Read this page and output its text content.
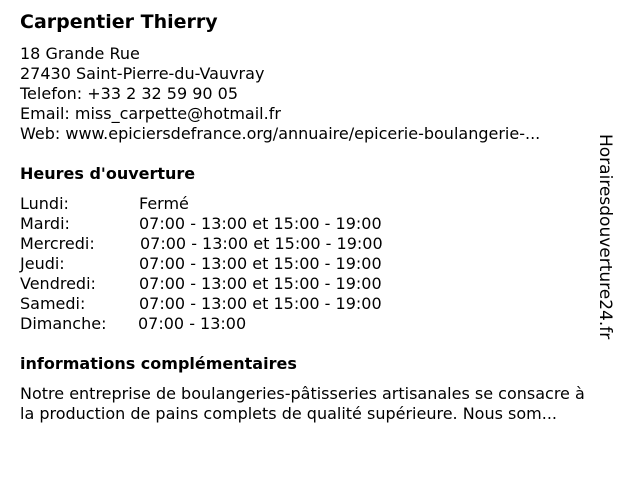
Carpentier Thierry
18 Grande Rue
27430 Saint-Pierre-du-Vauvray
Telefon: +33 2 32 59 90 05
Email: miss_carpette@hotmail.fr
Web: www.epiciersdefrance.org/annuaire/epicerie-boulangerie-...
Heures d'ouverture
Lundi:	Fermé
Mardi:	07:00 - 13:00 et 15:00 - 19:00
Mercredi:	07:00 - 13:00 et 15:00 - 19:00
Jeudi:	07:00 - 13:00 et 15:00 - 19:00
Vendredi:	07:00 - 13:00 et 15:00 - 19:00
Samedi:	07:00 - 13:00 et 15:00 - 19:00
Dimanche: 07:00 - 13:00
informations complémentaires
Notre entreprise de boulangeries-pâtisseries artisanales se consacre à
la production de pains complets de qualité supérieure. Nous som...
Horairesdouverture24.fr
